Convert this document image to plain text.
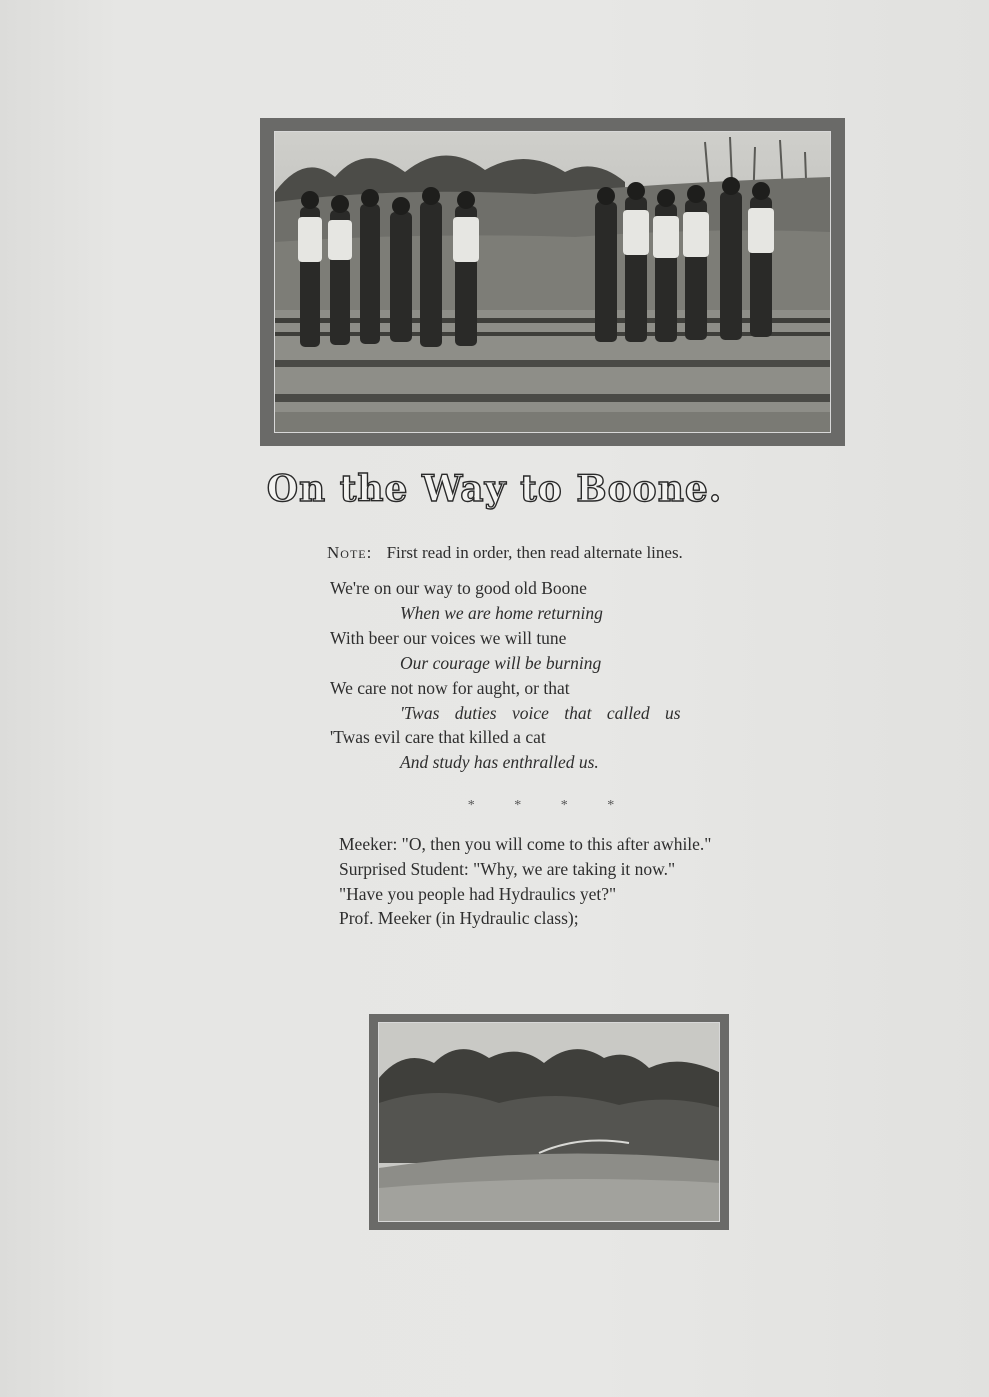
On the Way to Boone.
Note: First read in order, then read alternate lines.
We're on our way to good old Boone
When we are home returning
With beer our voices we will tune
Our courage will be burning
We care not now for aught, or that
'Twas duties voice that called us
'Twas evil care that killed a cat
And study has enthralled us.
* * * *
Meeker: "O, then you will come to this after awhile."
Surprised Student: "Why, we are taking it now."
"Have you people had Hydraulics yet?"
Prof. Meeker (in Hydraulic class);
